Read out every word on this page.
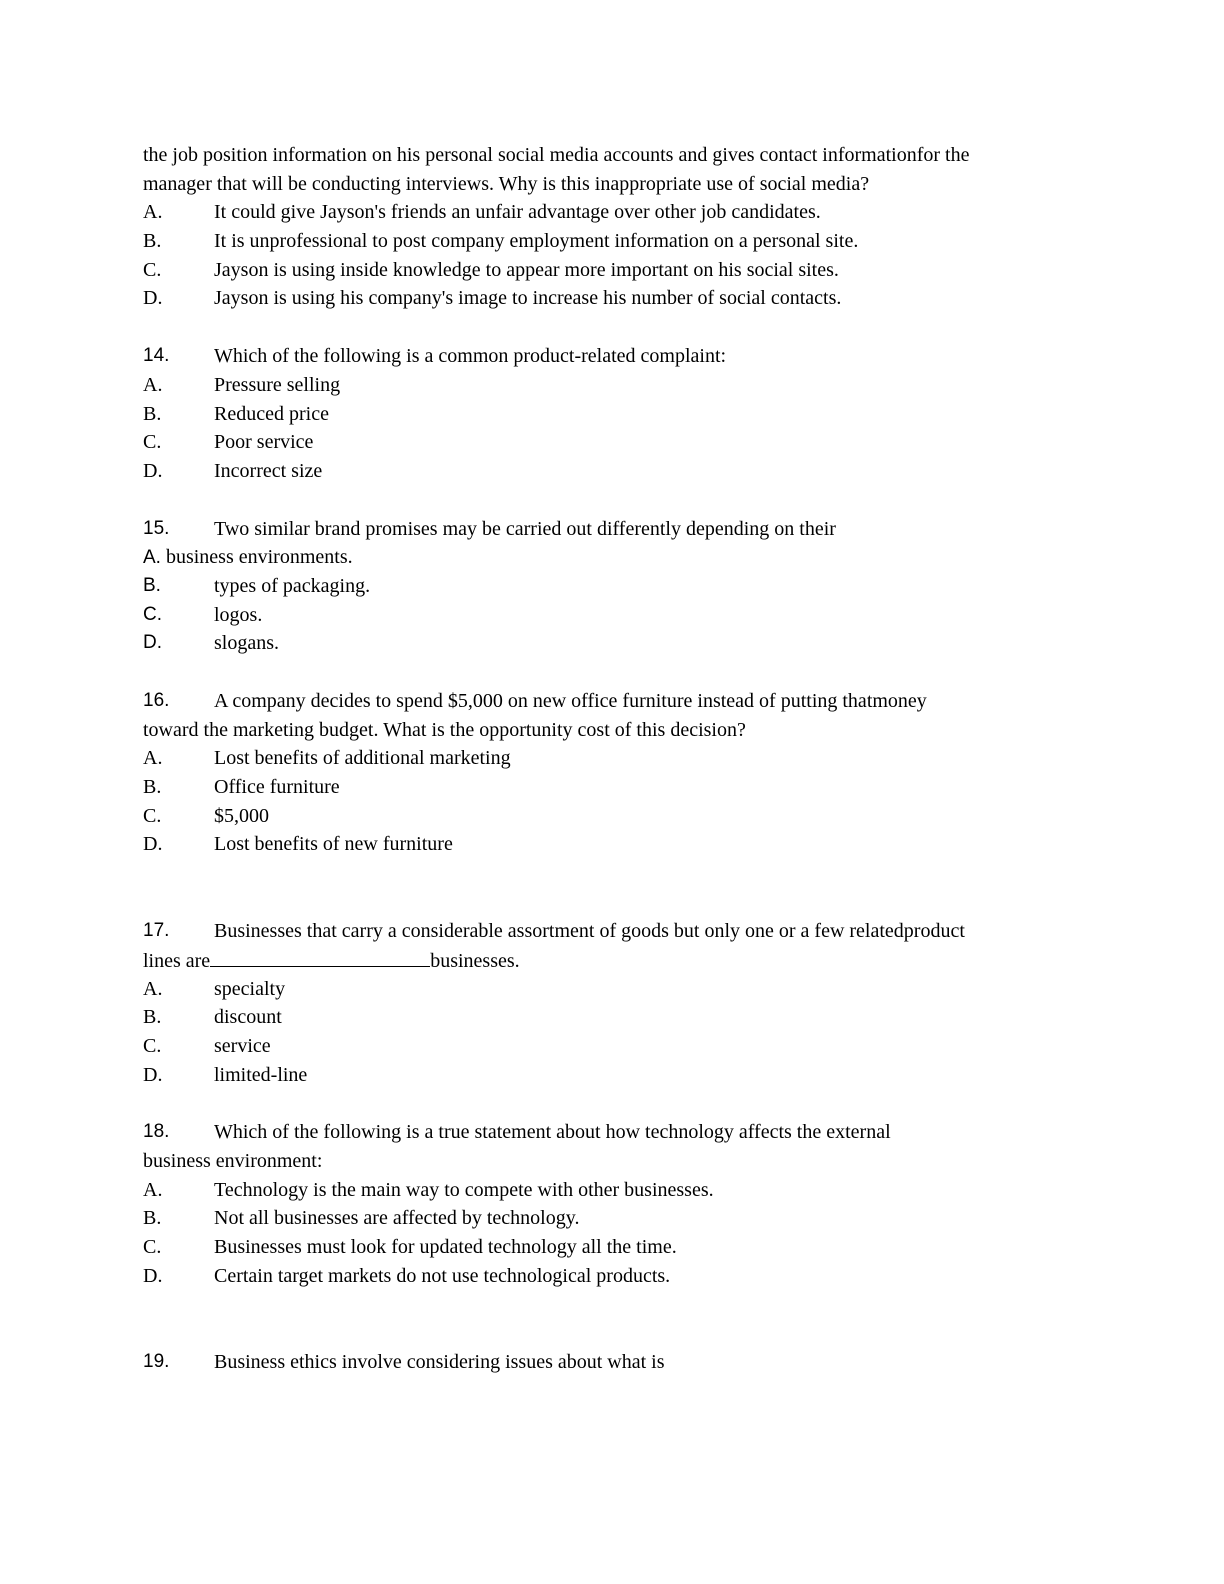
the job position information on his personal social media accounts and gives contact informationfor the
manager that will be conducting interviews. Why is this inappropriate use of social media?
A.	It could give Jayson's friends an unfair advantage over other job candidates.
B.	It is unprofessional to post company employment information on a personal site.
C.	Jayson is using inside knowledge to appear more important on his social sites.
D.	Jayson is using his company's image to increase his number of social contacts.
14.	Which of the following is a common product-related complaint:
A.	Pressure selling
B.	Reduced price
C.	Poor service
D.	Incorrect size
15.	Two similar brand promises may be carried out differently depending on their
A. business environments.
B.	types of packaging.
C.	logos.
D.	slogans.
16.	A company decides to spend $5,000 on new office furniture instead of putting thatmoney
toward the marketing budget. What is the opportunity cost of this decision?
A.	Lost benefits of additional marketing
B.	Office furniture
C.	$5,000
D.	Lost benefits of new furniture
17.	Businesses that carry a considerable assortment of goods but only one or a few relatedproduct
lines are	businesses.
A.	specialty
B.	discount
C.	service
D.	limited-line
18.	Which of the following is a true statement about how technology affects the external
business environment:
A.	Technology is the main way to compete with other businesses.
B.	Not all businesses are affected by technology.
C.	Businesses must look for updated technology all the time.
D.	Certain target markets do not use technological products.
19.	Business ethics involve considering issues about what is
